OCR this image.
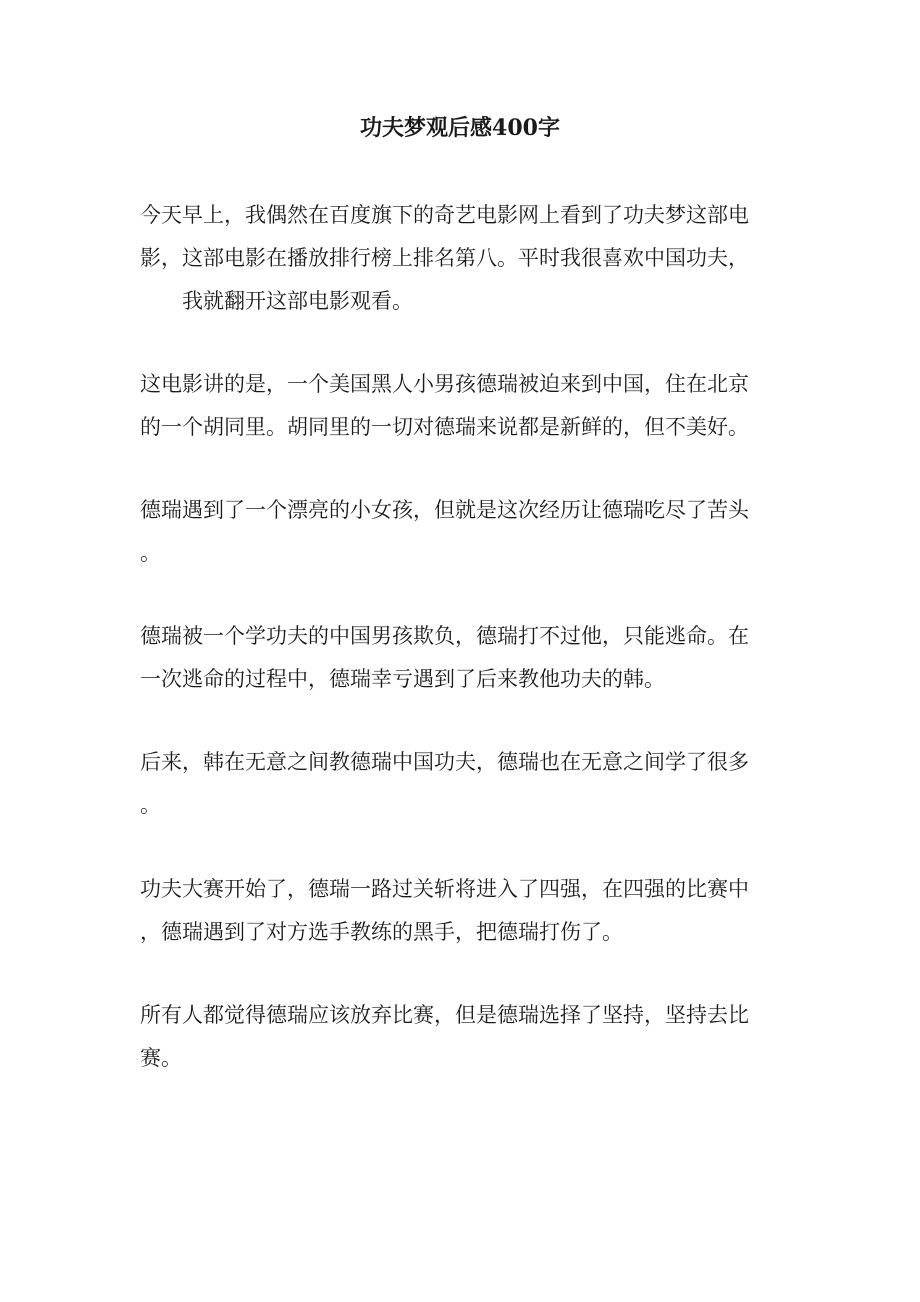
功夫梦观后感400字

今天早上，我偶然在百度旗下的奇艺电影网上看到了功夫梦这部电

影，这部电影在播放排行榜上排名第八。平时我很喜欢中国功夫，

我就翻开这部电影观看。

这电影讲的是，一个美国黑人小男孩德瑞被迫来到中国，住在北京

的一个胡同里。胡同里的一切对德瑞来说都是新鲜的，但不美好。

德瑞遇到了一个漂亮的小女孩，但就是这次经历让德瑞吃尽了苦头

。

德瑞被一个学功夫的中国男孩欺负，德瑞打不过他，只能逃命。在

一次逃命的过程中，德瑞幸亏遇到了后来教他功夫的韩。

后来，韩在无意之间教德瑞中国功夫，德瑞也在无意之间学了很多

。

功夫大赛开始了，德瑞一路过关斩将进入了四强，在四强的比赛中

，德瑞遇到了对方选手教练的黑手，把德瑞打伤了。

所有人都觉得德瑞应该放弃比赛，但是德瑞选择了坚持，坚持去比

赛。
